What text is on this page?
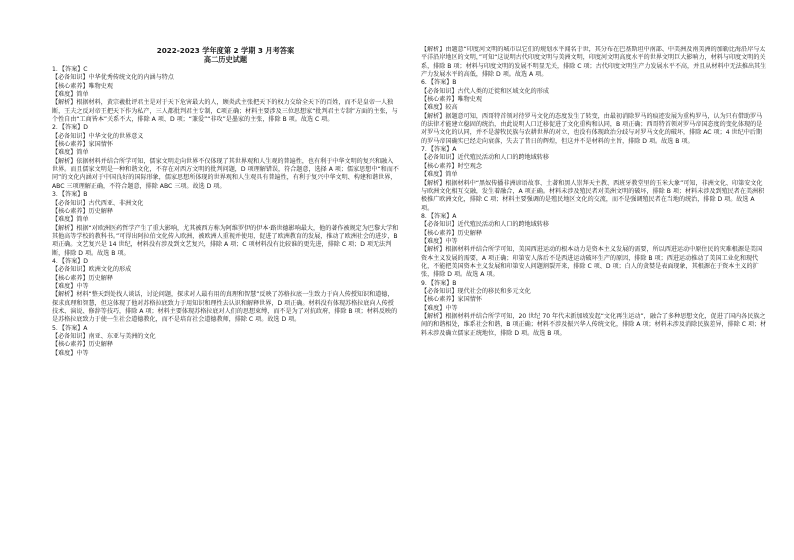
2022-2023 学年度第 2 学期 3 月考答案

高二历史试题

1．【答案】C

【必备知识】中华优秀传统文化的内涵与特点

【核心素养】唯物史观

【难度】简单

【解析】根据材料，黄宗羲批评君主是对于天下危害最大的人，顾炎武主张把天下的权力交给全天下的百姓，而不是皇帝一人独断，王夫之反对帝王把天下作为私产，三人都批判君主专制，C项正确；材料主要涉及三位思想家“批判君主专制”方面的主张，与个性自由“工商皆本”关系不大，排除 A 项、D 项；“兼爱”“非攻”是墨家的主张，排除 B 项。故选 C 项。

2．【答案】D

【必备知识】中华文化的世界意义

【核心素养】家国情怀

【难度】简单

【解析】依据材料并结合所学可知，儒家文明走向世界不仅体现了其世界观和人生观的普遍性，也有利于中华文明的复兴和融入世界。而且儒家文明是一种和谐文化，不存在对西方文明的批判问题，D 项理解错误，符合题意，选择 A 项；儒家思想中“和而不同”的文化内涵对于中国良好的国际形象，儒家思想所体现的世界观和人生观具有普遍性，有利于复兴中华文明、构建和谐世界，ABC 三项理解正确，不符合题意，排除 ABC 三项。故选 D 项。

3．【答案】B

【必备知识】古代西亚、非洲文化

【核心素养】历史解释

【难度】简单

【解析】根据“对欧洲医药哲学产生了重大影响，尤其被西方称为阿维罗伊的伊本·路世德影响最大，他的著作被规定为巴黎大学和其他高等学校的教科书。”可得出阿拉伯文化传入欧洲，被欧洲人重视并使用，促进了欧洲教育的发展，推动了欧洲社会的进步，B 项正确。文艺复兴是 14 世纪，材料没有涉及到文艺复兴，排除 A 项；C 项材料没有比较谁的更先进，排除 C 项；D 项无法判断，排除 D 项。故选 B 项。

4．【答案】D

【必备知识】欧洲文化的形成

【核心素养】历史解释

【难度】中等

【解析】材料“整天到处找人谈话，讨论问题，探求对人最有用的真理和智慧”反映了苏格拉底一生致力于向人传授知识和道德，探求真理和智慧，但这体现了他对苏格拉底致力于用知识和理性去认识和解释世界，D 项正确。材料没有体现苏格拉底向人传授技术、演说、修辞等技巧，排除 A 项；材料主要体现苏格拉底对人们的思想束缚，而不是为了对抗政府，排除 B 项；材料反映的是苏格拉底致力于使一生社会道德教化，而不是培育社会道德教师，排除 C 项。故选 D 项。

5．【答案】A

【必备知识】南亚、东亚与美洲的文化

【核心素养】历史解释

【难度】中等

【解析】由题意“印度河文明的城市以它们的规划水平闻名于世，其分布在巴基斯坦中南部、中美洲及南美洲的加勒比海沿岸与太平洋沿岸地区的文明，”可知“这说明古代印度文明与美洲文明，印度河文明高度水平的世界文明巨大影响力，材料与印度文明的关系，排除 B 项；材料与印度文明的发展不明显无关，排除 C 项；古代印度文明生产力发展水平不高，并且从材料中无法推出其生产力发展水平的高低，排除 D 项。故选 A 项。

6．【答案】B

【必备知识】古代人类的迁徙和区域文化的形成

【核心素养】唯物史观

【难度】较高

【解析】据题意可知，西哥特首领对待罗马文化的态度发生了转变，由最初消除罗马的痕迹发展为重构罗马，认为只有借助罗马的法律才能建立稳固的统治，由此说明人口迁移促进了文化重构和认同，B 项正确；西哥特首领对罗马帝国态度的变化体现的是对罗马文化的认同，并不是游牧民族与农耕世界的对立，也没有体现政治分歧与对罗马文化的破坏，排除 AC 项；4 世纪中后期的罗马帝国确实已经走向衰落，失去了昔日的辉煌，但这并不是材料的主旨，排除 D 项。故选 B 项。

7．【答案】A

【必备知识】近代殖民活动和人口的跨地域转移

【核心素养】时空观念

【难度】简单

【解析】根据材料中“黑奴传播非洲谚语故事、土著和黑人崇拜天主教、西班牙教堂里的玉米大象”可知，非洲文化、印第安文化与欧洲文化相互交融，发生着融合，A 项正确。材料未涉及殖民者对美洲文明的破坏，排除 B 项；材料未涉及到殖民者在美洲积极推广欧洲文化，排除 C 项；材料主要强调的是殖民地区文化的交流，而不是强调殖民者在当地的统治，排除 D 项。故选 A 项。

8．【答案】A

【必备知识】近代殖民活动和人口的跨地域转移

【核心素养】历史解释

【难度】中等

【解析】根据材料并结合所学可知，美国西进运动的根本动力是资本主义发展的需要，所以西进运动中原住民的灾难根源是美国资本主义发展的需要，A 项正确；印第安人落后不是西进运动破坏生产的原因，排除 B 项；西进运动推动了美国工业化和现代化，不能把美国资本主义发展和印第安人问题割裂开来，排除 C 项、D 项；白人的贪婪是表面现象，其根源在于资本主义的扩张，排除 D 项。故选 A 项。

9．【答案】B

【必备知识】现代社会的移民和多元文化

【核心素养】家国情怀

【难度】中等

【解析】根据材料并结合所学可知，20 世纪 70 年代末新加坡发起“文化再生运动”，融合了多种思想文化，促进了国内各民族之间的和谐相处，维系社会和谐，B 项正确；材料不涉及振兴华人传统文化，排除 A 项；材料未涉及消除民族差异，排除 C 项；材料未涉及确立儒家正统地位，排除 D 项。故选 B 项。
